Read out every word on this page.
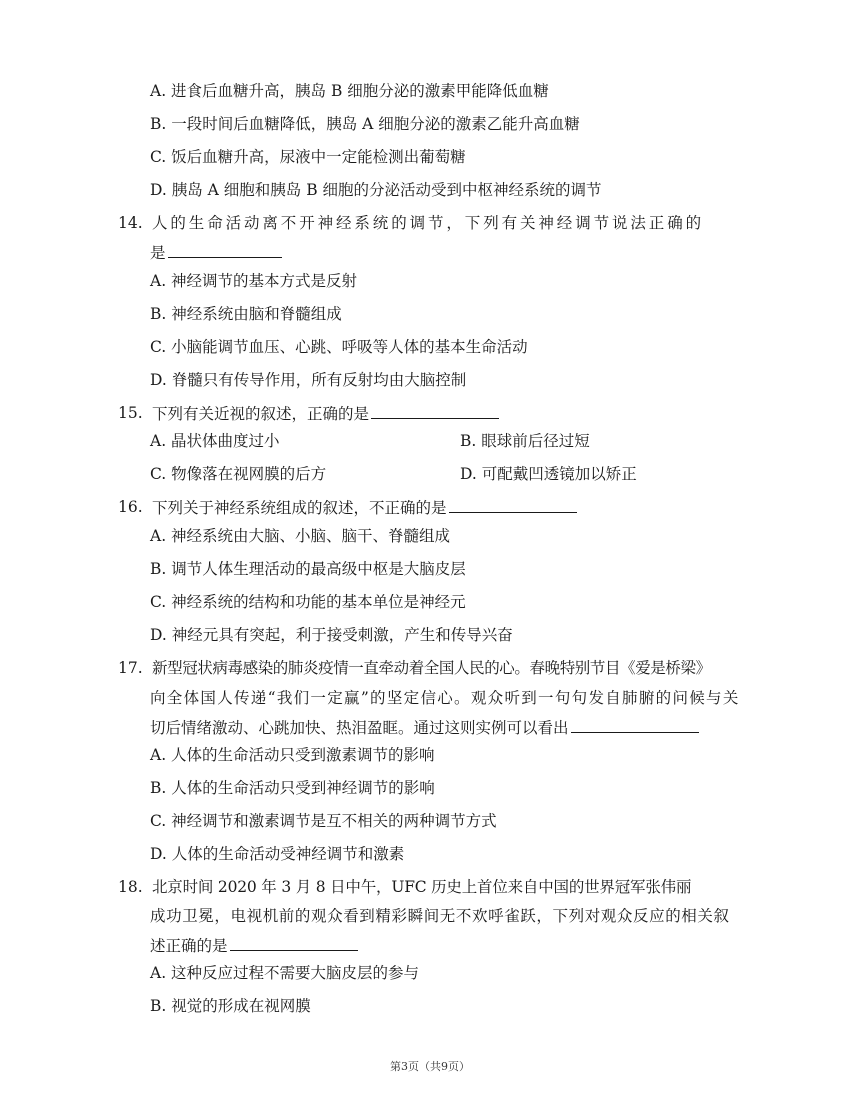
A. 进食后血糖升高，胰岛 B 细胞分泌的激素甲能降低血糖
B. 一段时间后血糖降低，胰岛 A 细胞分泌的激素乙能升高血糖
C. 饭后血糖升高，尿液中一定能检测出葡萄糖
D. 胰岛 A 细胞和胰岛 B 细胞的分泌活动受到中枢神经系统的调节
14. 人的生命活动离不开神经系统的调节，下列有关神经调节说法正确的
是
A. 神经调节的基本方式是反射
B. 神经系统由脑和脊髓组成
C. 小脑能调节血压、心跳、呼吸等人体的基本生命活动
D. 脊髓只有传导作用，所有反射均由大脑控制
15. 下列有关近视的叙述，正确的是
A. 晶状体曲度过小	B. 眼球前后径过短
C. 物像落在视网膜的后方	D. 可配戴凹透镜加以矫正
16. 下列关于神经系统组成的叙述，不正确的是
A. 神经系统由大脑、小脑、脑干、脊髓组成
B. 调节人体生理活动的最高级中枢是大脑皮层
C. 神经系统的结构和功能的基本单位是神经元
D. 神经元具有突起，利于接受刺激，产生和传导兴奋
17. 新型冠状病毒感染的肺炎疫情一直牵动着全国人民的心。春晚特别节目《爱是桥梁》
向全体国人传递“我们一定赢”的坚定信心。观众听到一句句发自肺腑的问候与关
切后情绪激动、心跳加快、热泪盈眶。通过这则实例可以看出
A. 人体的生命活动只受到激素调节的影响
B. 人体的生命活动只受到神经调节的影响
C. 神经调节和激素调节是互不相关的两种调节方式
D. 人体的生命活动受神经调节和激素
18. 北京时间 2020 年 3 月 8 日中午，UFC 历史上首位来自中国的世界冠军张伟丽
成功卫冕，电视机前的观众看到精彩瞬间无不欢呼雀跃，下列对观众反应的相关叙
述正确的是
A. 这种反应过程不需要大脑皮层的参与
B. 视觉的形成在视网膜
第3页（共9页）
